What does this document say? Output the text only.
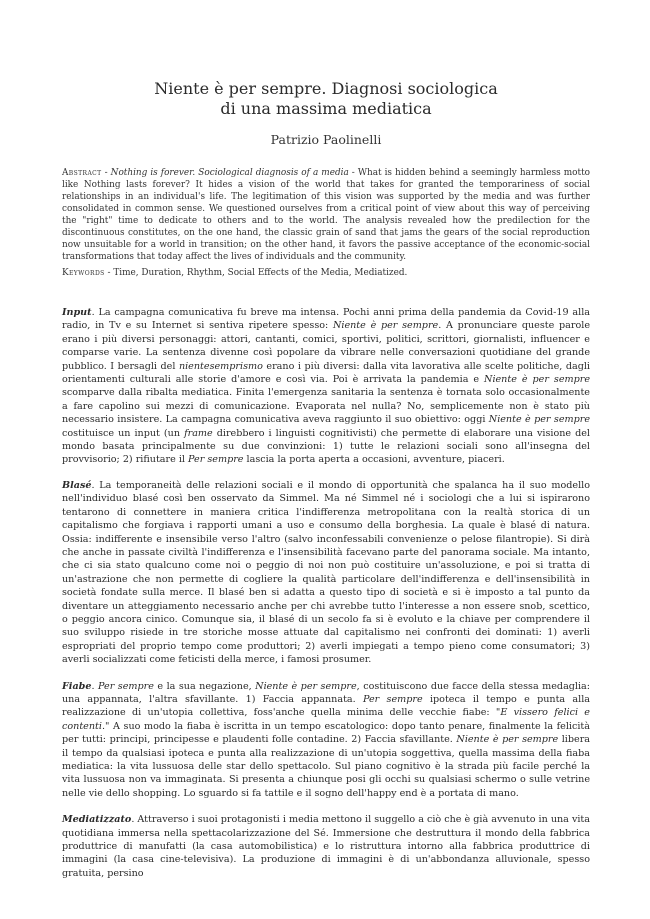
Niente è per sempre. Diagnosi sociologica
di una massima mediatica
Patrizio Paolinelli
Abstract - Nothing is forever. Sociological diagnosis of a media - What is hidden behind a seemingly harmless motto like Nothing lasts forever? It hides a vision of the world that takes for granted the temporariness of social relationships in an individual's life. The legitimation of this vision was supported by the media and was further consolidated in common sense. We questioned ourselves from a critical point of view about this way of perceiving the "right" time to dedicate to others and to the world. The analysis revealed how the predilection for the discontinuous constitutes, on the one hand, the classic grain of sand that jams the gears of the social reproduction now unsuitable for a world in transition; on the other hand, it favors the passive acceptance of the economic-social transformations that today affect the lives of individuals and the community.
Keywords - Time, Duration, Rhythm, Social Effects of the Media, Mediatized.

Input. La campagna comunicativa fu breve ma intensa. Pochi anni prima della pandemia da Covid-19 alla radio, in Tv e su Internet si sentiva ripetere spesso: Niente è per sempre. A pronunciare queste parole erano i più diversi personaggi: attori, cantanti, comici, sportivi, politici, scrittori, giornalisti, influencer e comparse varie. La sentenza divenne così popolare da vibrare nelle conversazioni quotidiane del grande pubblico. I bersagli del nientesemprismo erano i più diversi: dalla vita lavorativa alle scelte politiche, dagli orientamenti culturali alle storie d'amore e così via. Poi è arrivata la pandemia e Niente è per sempre scomparve dalla ribalta mediatica. Finita l'emergenza sanitaria la sentenza è tornata solo occasionalmente a fare capolino sui mezzi di comunicazione. Evaporata nel nulla? No, semplicemente non è stato più necessario insistere. La campagna comunicativa aveva raggiunto il suo obiettivo: oggi Niente è per sempre costituisce un input (un frame direbbero i linguisti cognitivisti) che permette di elaborare una visione del mondo basata principalmente su due convinzioni: 1) tutte le relazioni sociali sono all'insegna del provvisorio; 2) rifiutare il Per sempre lascia la porta aperta a occasioni, avventure, piaceri.

Blasé. La temporaneità delle relazioni sociali e il mondo di opportunità che spalanca ha il suo modello nell'individuo blasé così ben osservato da Simmel. Ma né Simmel né i sociologi che a lui si ispirarono tentarono di connettere in maniera critica l'indifferenza metropolitana con la realtà storica di un capitalismo che forgiava i rapporti umani a uso e consumo della borghesia. La quale è blasé di natura. Ossia: indifferente e insensibile verso l'altro (salvo inconfessabili convenienze o pelose filantropie). Si dirà che anche in passate civiltà l'indifferenza e l'insensibilità facevano parte del panorama sociale. Ma intanto, che ci sia stato qualcuno come noi o peggio di noi non può costituire un'assoluzione, e poi si tratta di un'astrazione che non permette di cogliere la qualità particolare dell'indifferenza e dell'insensibilità in società fondate sulla merce. Il blasé ben si adatta a questo tipo di società e si è imposto a tal punto da diventare un atteggiamento necessario anche per chi avrebbe tutto l'interesse a non essere snob, scettico, o peggio ancora cinico. Comunque sia, il blasé di un secolo fa si è evoluto e la chiave per comprendere il suo sviluppo risiede in tre storiche mosse attuate dal capitalismo nei confronti dei dominati: 1) averli espropriati del proprio tempo come produttori; 2) averli impiegati a tempo pieno come consumatori; 3) averli socializzati come feticisti della merce, i famosi prosumer.

Fiabe. Per sempre e la sua negazione, Niente è per sempre, costituiscono due facce della stessa medaglia: una appannata, l'altra sfavillante. 1) Faccia appannata. Per sempre ipoteca il tempo e punta alla realizzazione di un'utopia collettiva, foss'anche quella minima delle vecchie fiabe: "E vissero felici e contenti." A suo modo la fiaba è iscritta in un tempo escatologico: dopo tanto penare, finalmente la felicità per tutti: principi, principesse e plaudenti folle contadine. 2) Faccia sfavillante. Niente è per sempre libera il tempo da qualsiasi ipoteca e punta alla realizzazione di un'utopia soggettiva, quella massima della fiaba mediatica: la vita lussuosa delle star dello spettacolo. Sul piano cognitivo è la strada più facile perché la vita lussuosa non va immaginata. Si presenta a chiunque posi gli occhi su qualsiasi schermo o sulle vetrine nelle vie dello shopping. Lo sguardo si fa tattile e il sogno dell'happy end è a portata di mano.

Mediatizzato. Attraverso i suoi protagonisti i media mettono il suggello a ciò che è già avvenuto in una vita quotidiana immersa nella spettacolarizzazione del Sé. Immersione che destruttura il mondo della fabbrica produttrice di manufatti (la casa automobilistica) e lo ristruttura intorno alla fabbrica produttrice di immagini (la casa cine-televisiva). La produzione di immagini è di un'abbondanza alluvionale, spesso gratuita, persino
